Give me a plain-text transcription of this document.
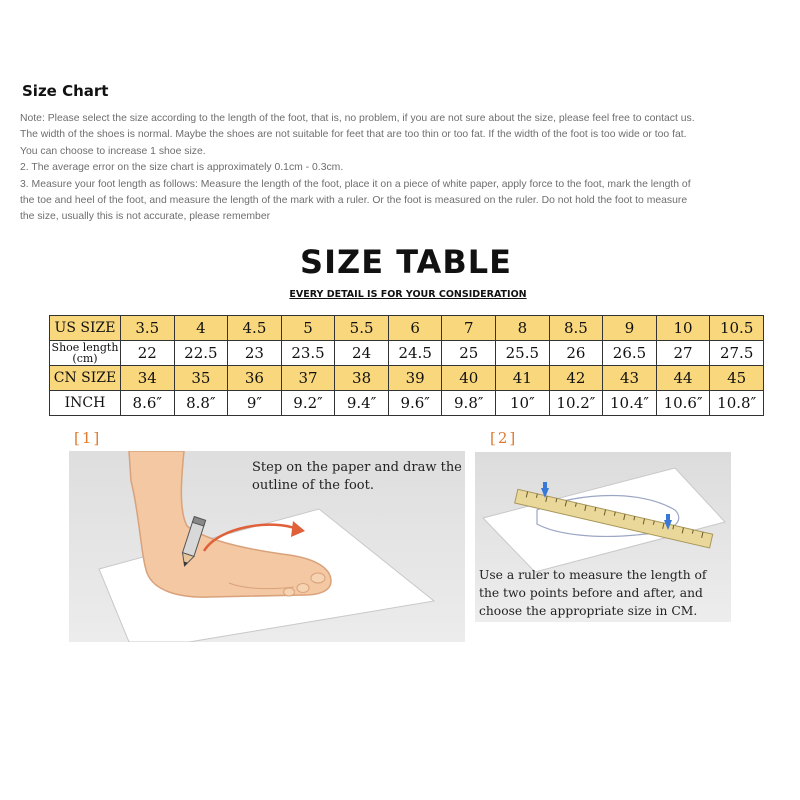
Size Chart
Note: Please select the size according to the length of the foot, that is, no problem, if you are not sure about the size, please feel free to contact us.
The width of the shoes is normal. Maybe the shoes are not suitable for feet that are too thin or too fat. If the width of the foot is too wide or too fat.
You can choose to increase 1 shoe size.
2. The average error on the size chart is approximately 0.1cm - 0.3cm.
3. Measure your foot length as follows: Measure the length of the foot, place it on a piece of white paper, apply force to the foot, mark the length of
the toe and heel of the foot, and measure the length of the mark with a ruler. Or the foot is measured on the ruler. Do not hold the foot to measure
the size, usually this is not accurate, please remember
SIZE TABLE
EVERY DETAIL IS FOR YOUR CONSIDERATION
US SIZE	3.5	4	4.5	5	5.5	6	7	8	8.5	9	10	10.5

Shoe length
(cm)	22	22.5	23	23.5	24	24.5	25	25.5	26	26.5	27	27.5
CN SIZE	34	35	36	37	38	39	40	41	42	43	44	45
INCH	8.6″	8.8″	9″	9.2″	9.4″	9.6″	9.8″	10″	10.2″	10.4″	10.6″	10.8″
[1]	[2]
Step on the paper and draw the outline of the foot.
Use a ruler to measure the length of the two points before and after, and choose the appropriate size in CM.
